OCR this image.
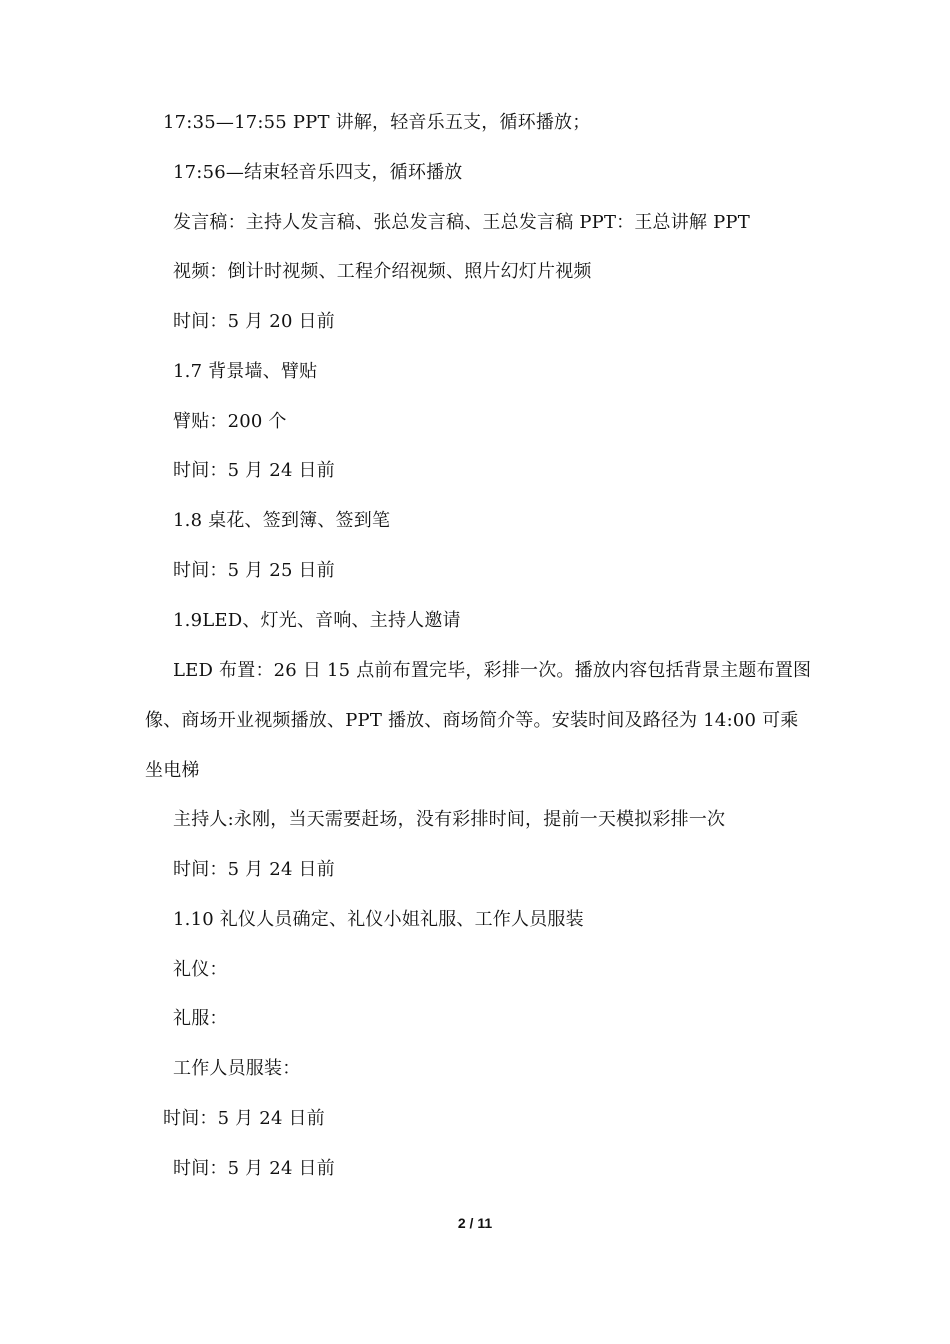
17:35—17:55 PPT 讲解，轻音乐五支，循环播放；
17:56—结束轻音乐四支，循环播放
发言稿：主持人发言稿、张总发言稿、王总发言稿 PPT：王总讲解 PPT
视频：倒计时视频、工程介绍视频、照片幻灯片视频
时间：5 月 20 日前
1.7 背景墙、臂贴
臂贴：200 个
时间：5 月 24 日前
1.8 桌花、签到簿、签到笔
时间：5 月 25 日前
1.9LED、灯光、音响、主持人邀请
LED 布置：26 日 15 点前布置完毕，彩排一次。播放内容包括背景主题布置图
像、商场开业视频播放、PPT 播放、商场简介等。安装时间及路径为 14:00 可乘
坐电梯
主持人:永刚，当天需要赶场，没有彩排时间，提前一天模拟彩排一次
时间：5 月 24 日前
1.10 礼仪人员确定、礼仪小姐礼服、工作人员服装
礼仪：
礼服：
工作人员服装：
时间：5 月 24 日前
时间：5 月 24 日前
2 / 11
